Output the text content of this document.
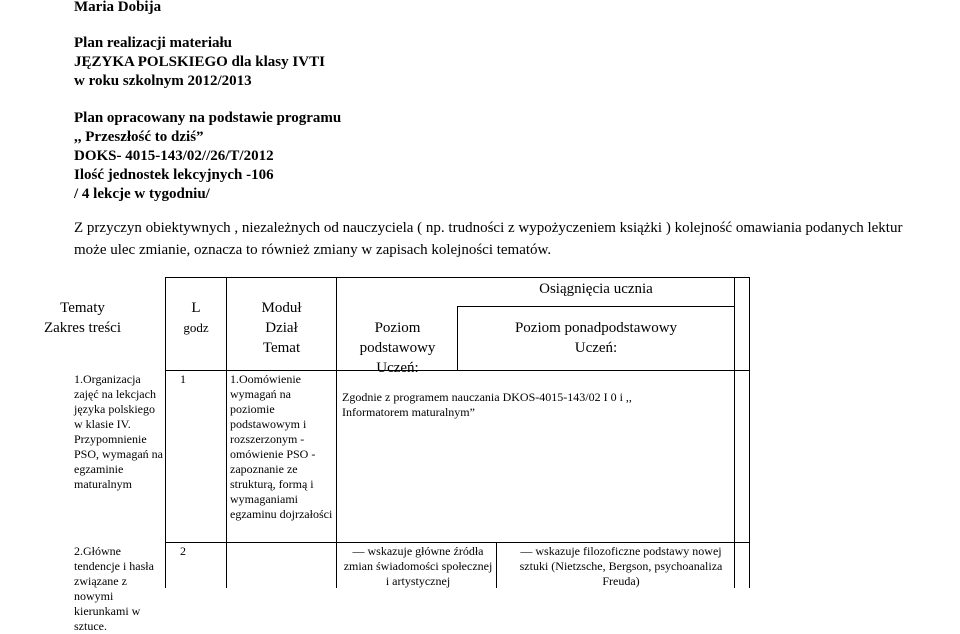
Maria Dobija
Plan realizacji materiału
JĘZYKA POLSKIEGO dla klasy IVTI
w roku szkolnym 2012/2013
Plan opracowany na podstawie programu
,, Przeszłość to dziś”
DOKS- 4015-143/02//26/T/2012
Ilość jednostek lekcyjnych -106
/ 4 lekcje w tygodniu/
Z przyczyn obiektywnych , niezależnych od nauczyciela ( np. trudności z wypożyczeniem książki ) kolejność omawiania podanych lektur
może ulec zmianie, oznacza to również zmiany w zapisach kolejności tematów.
Tematy
Zakres treści
L
godz
Moduł
Dział
Temat
Osiągnięcia ucznia
Poziom
podstawowy
Uczeń:
Poziom ponadpodstawowy
Uczeń:
1.Organizacja zajęć na lekcjach języka polskiego w klasie IV. Przypomnienie PSO, wymagań na egzaminie maturalnym
1	1.Oomówienie wymagań na poziomie podstawowym i rozszerzonym -omówienie PSO -zapoznanie ze strukturą, formą i wymaganiami egzaminu dojrzałości
Zgodnie z programem nauczania DKOS-4015-143/02 I 0 i ,, Informatorem maturalnym”
2.Główne tendencje i hasła związane z nowymi kierunkami w sztuce.
2	— wskazuje główne źródła zmian świadomości społecznej i artystycznej
— wskazuje filozoficzne podstawy nowej sztuki (Nietzsche, Bergson, psychoanaliza Freuda)
